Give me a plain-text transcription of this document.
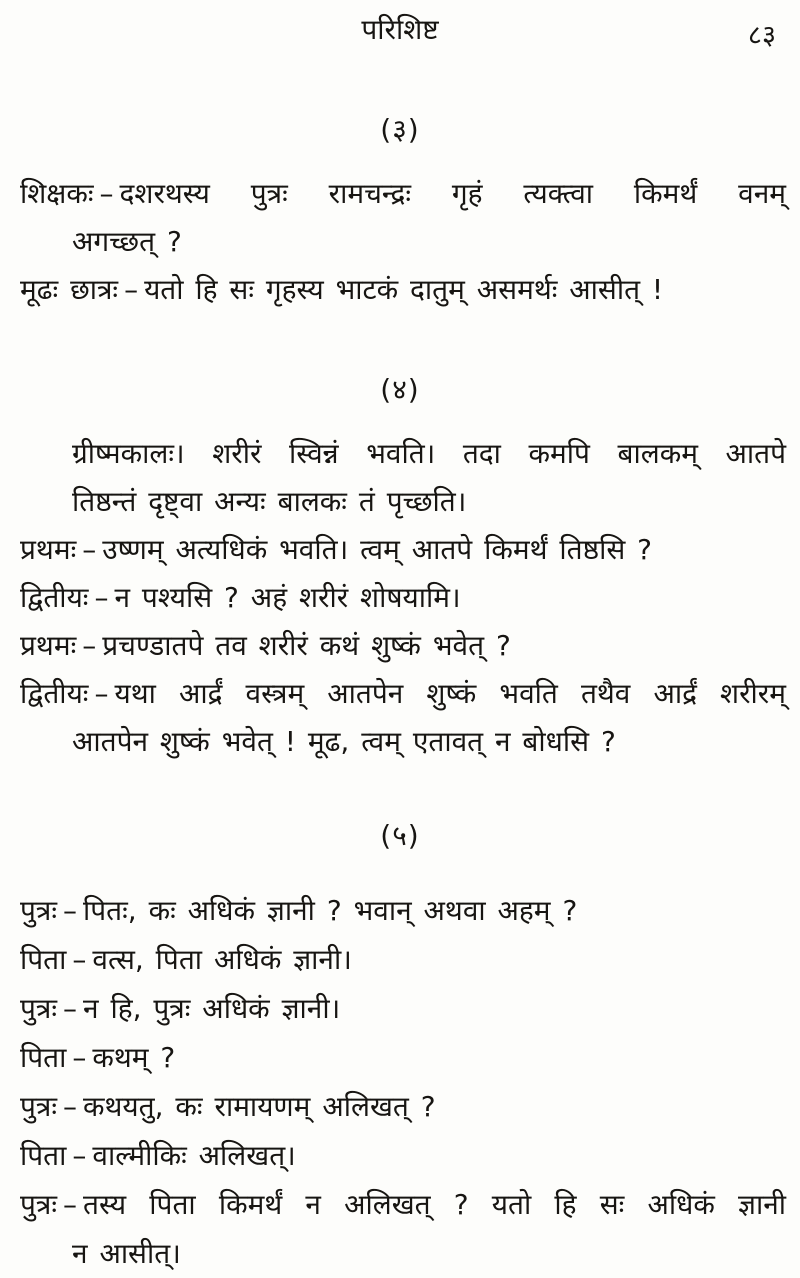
परिशिष्ट	८३
(३)
शिक्षकः – दशरथस्य पुत्रः रामचन्द्रः गृहं त्यक्त्वा किमर्थं वनम्
अगच्छत् ?
मूढः छात्रः – यतो हि सः गृहस्य भाटकं दातुम् असमर्थः आसीत् !
(४)
ग्रीष्मकालः। शरीरं स्विन्नं भवति। तदा कमपि बालकम् आतपे
तिष्ठन्तं दृष्ट्वा अन्यः बालकः तं पृच्छति।
प्रथमः – उष्णम् अत्यधिकं भवति। त्वम् आतपे किमर्थं तिष्ठसि ?
द्वितीयः – न पश्यसि ? अहं शरीरं शोषयामि।
प्रथमः – प्रचण्डातपे तव शरीरं कथं शुष्कं भवेत् ?
द्वितीयः – यथा आर्द्रं वस्त्रम् आतपेन शुष्कं भवति तथैव आर्द्रं शरीरम्
आतपेन शुष्कं भवेत् ! मूढ, त्वम् एतावत् न बोधसि ?
(५)
पुत्रः – पितः, कः अधिकं ज्ञानी ? भवान् अथवा अहम् ?
पिता – वत्स, पिता अधिकं ज्ञानी।
पुत्रः – न हि, पुत्रः अधिकं ज्ञानी।
पिता – कथम् ?
पुत्रः – कथयतु, कः रामायणम् अलिखत् ?
पिता – वाल्मीकिः अलिखत्।
पुत्रः – तस्य पिता किमर्थं न अलिखत् ? यतो हि सः अधिकं ज्ञानी
न आसीत्।
